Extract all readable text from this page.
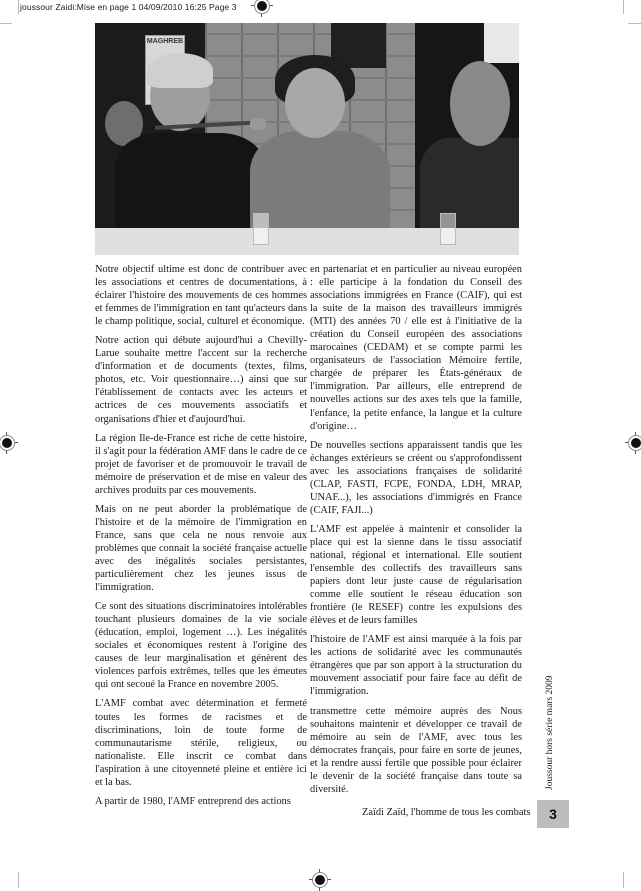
joussour Zaidi:Mise en page 1 04/09/2010 16:25 Page 3
MAGHREB

Notre objectif ultime est donc de contribuer avec les associations et centres de documentations, à éclairer l'histoire des mouvements de ces hommes et femmes de l'immigration en tant qu'acteurs dans le champ politique, social, culturel et économique.

Notre action qui débute aujourd'hui a Chevilly-Larue souhaite mettre l'accent sur la recherche d'information et de documents (textes, films, photos, etc. Voir questionnaire…) ainsi que sur l'établissement de contacts avec les acteurs et actrices de ces mouvements associatifs et organisations d'hier et d'aujourd'hui.

La région Ile-de-France est riche de cette histoire, il s'agit pour la fédération AMF dans le cadre de ce projet de favoriser et de promouvoir le travail de mémoire de préservation et de mise en valeur des archives produits par ces mouvements.

Mais on ne peut aborder la problématique de l'histoire et de la mémoire de l'immigration en France, sans que cela ne nous renvoie aux problèmes que connait la société française actuelle avec des inégalités sociales persistantes, particulièrement chez les jeunes issus de l'immigration.

Ce sont des situations discriminatoires intolérables touchant plusieurs domaines de la vie sociale (éducation, emploi, logement …). Les inégalités sociales et économiques restent à l'origine des causes de leur marginalisation et génèrent des violences parfois extrêmes, telles que les émeutes qui ont secoué la France en novembre 2005.

L'AMF combat avec détermination et fermeté toutes les formes de racismes et de discriminations, loin de toute forme de communautarisme stérile, religieux, ou nationaliste. Elle inscrit ce combat dans l'aspiration à une citoyenneté pleine et entière ici et la bas.

A partir de 1980, l'AMF entreprend des actions

en partenariat et en particulier au niveau européen : elle participe à la fondation du Conseil des associations immigrées en France (CAIF), qui est la suite de la maison des travailleurs immigrés (MTI) des années 70 / elle est à l'initiative de la création du Conseil européen des associations marocaines (CEDAM) et se compte parmi les organisateurs de l'association Mémoire fertile, chargée de préparer les États-généraux de l'immigration. Par ailleurs, elle entreprend de nouvelles actions sur des axes tels que la famille, l'enfance, la petite enfance, la langue et la culture d'origine…

De nouvelles sections apparaissent tandis que les échanges extérieurs se créent ou s'approfondissent avec les associations françaises de solidarité (CLAP, FASTI, FCPE, FONDA, LDH, MRAP, UNAF...), les associations d'immigrés en France (CAIF, FAJI...)

L'AMF est appelée à maintenir et consolider la place qui est la sienne dans le tissu associatif national, régional et international. Elle soutient l'ensemble des collectifs des travailleurs sans papiers dont leur juste cause de régularisation comme elle soutient le réseau éducation son frontière (le RESEF) contre les expulsions des élèves et de leurs familles

l'histoire de l'AMF est ainsi marquée à la fois par les actions de solidarité avec les communautés étrangères que par son apport à la structuration du mouvement associatif pour faire face au défit de l'immigration.

transmettre cette mémoire auprès des Nous souhaitons maintenir et développer ce travail de mémoire au sein de l'AMF, avec tous les démocrates français, pour faire en sorte de jeunes, et la rendre aussi fertile que possible pour éclairer le devenir de la société française dans toute sa diversité.	Joussour hors série mars 2009
Zaïdi Zaïd, l'homme de tous les combats	3
